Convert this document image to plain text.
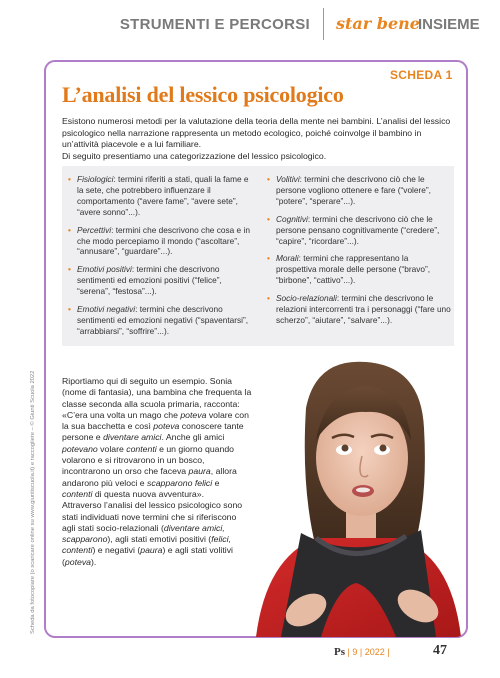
STRUMENTI E PERCORSI star bene
INSIEME
SCHEDA 1
L’analisi del lessico psicologico
Esistono numerosi metodi per la valutazione della teoria della mente nei bambini. L’analisi del lessico psicologico nella narrazione rappresenta un metodo ecologico, poiché coinvolge il bambino in un’attività piacevole e a lui familiare.
Di seguito presentiamo una categorizzazione del lessico psicologico.
• Fisiologici: termini riferiti a stati, quali la fame e la sete, che potrebbero influenzare il comportamento (“avere fame”, “avere sete”, “avere sonno”...).
• Percettivi: termini che descrivono che cosa e in che modo percepiamo il mondo (“ascoltare”, “annusare”, “guardare”...).
• Emotivi positivi: termini che descrivono sentimenti ed emozioni positivi (“felice”, “serena”, “festosa”...).
• Emotivi negativi: termini che descrivono sentimenti ed emozioni negativi (“spaventarsi”, “arrabbiarsi”, “soffrire”...).
• Volitivi: termini che descrivono ciò che le persone vogliono ottenere e fare (“volere”, “potere”, “sperare”...).
• Cognitivi: termini che descrivono ciò che le persone pensano cognitivamente (“credere”, “capire”, “ricordare”...).
• Morali: termini che rappresentano la prospettiva morale delle persone (“bravo”, “birbone”, “cattivo”...).
• Socio-relazionali: termini che descrivono le relazioni intercorrenti tra i personaggi (“fare uno scherzo”, “aiutare”, “salvare”...).
Riportiamo qui di seguito un esempio. Sonia (nome di fantasia), una bambina che frequenta la classe seconda alla scuola primaria, racconta:
«C’era una volta un mago che poteva volare con la sua bacchetta e così poteva conoscere tante persone e diventare amici. Anche gli amici potevano volare contenti e un giorno quando volarono e si ritrovarono in un bosco, incontrarono un orso che faceva paura, allora andarono più veloci e scapparono felici e contenti di questa nuova avventura».
Attraverso l’analisi del lessico psicologico sono stati individuati nove termini che si riferiscono agli stati socio-relazionali (diventare amici, scapparono), agli stati emotivi positivi (felici, contenti) e negativi (paura) e agli stati volitivi (poteva).
Scheda da fotocopiare (o scaricare online su www.giuntiscuola.it) e raccogliere – © Giunti Scuola 2022
Ps | 9 | 2022 |	47
